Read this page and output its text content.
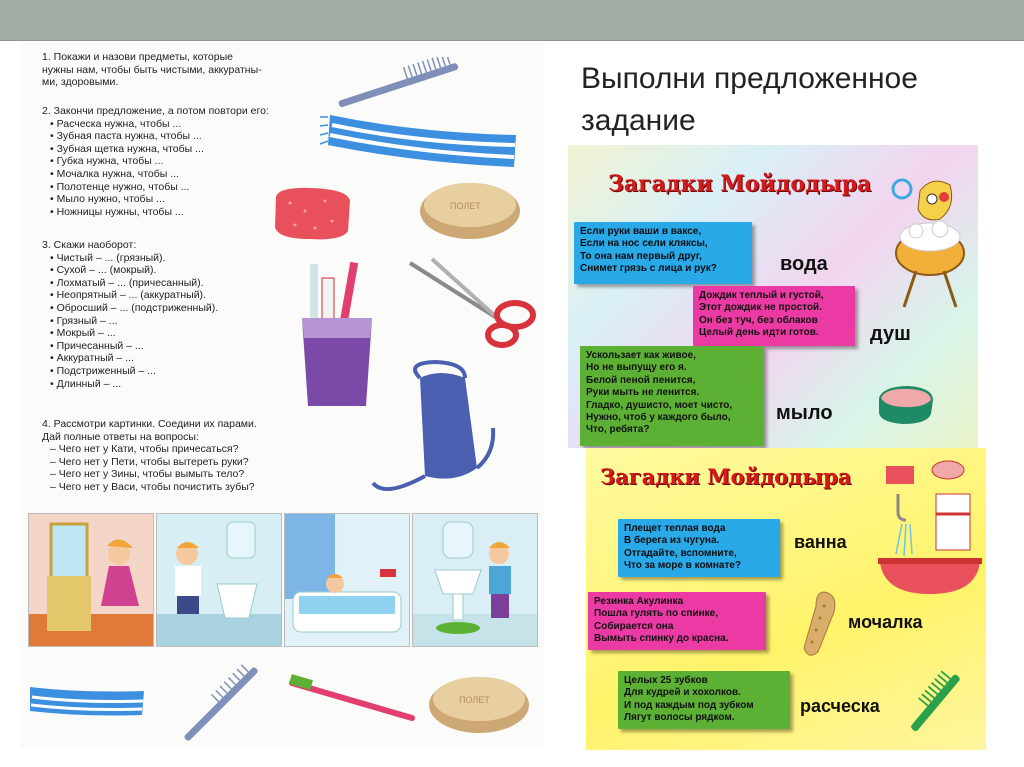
1. Покажи и назови предметы, которые
нужны нам, чтобы быть чистыми, аккуратны-
ми, здоровыми.
2. Закончи предложение, а потом повтори его:
• Расческа нужна, чтобы ...
• Зубная паста нужна, чтобы ...
• Зубная щетка нужна, чтобы ...
• Губка нужна, чтобы ...
• Мочалка нужна, чтобы ...
• Полотенце нужно, чтобы ...
• Мыло нужно, чтобы ...
• Ножницы нужны, чтобы ...
3. Скажи наоборот:
• Чистый – ... (грязный).
• Сухой – ... (мокрый).
• Лохматый – ... (причесанный).
• Неопрятный – ... (аккуратный).
• Обросший – ... (подстриженный).
• Грязный – ...
• Мокрый – ...
• Причесанный – ...
• Аккуратный – ...
• Подстриженный – ...
• Длинный – ...
4. Рассмотри картинки. Соедини их парами.
Дай полные ответы на вопросы:
– Чего нет у Кати, чтобы причесаться?
– Чего нет у Пети, чтобы вытереть руки?
– Чего нет у Зины, чтобы вымыть тело?
– Чего нет у Васи, чтобы почистить зубы?
ПОЛЕТ
ПОЛЕТ
Выполни предложенное
задание
Загадки Мойдодыра
Если руки ваши в ваксе,
Если на нос сели кляксы,
То она нам первый друг,
Снимет грязь с лица и рук?	вода
Дождик теплый и густой,
Этот дождик не простой.
Он без туч, без облаков
Целый день идти готов.	душ
Ускользает как живое,
Но не выпущу его я.
Белой пеной пенится,
Руки мыть не ленится.
Гладко, душисто, моет чисто,
Нужно, чтоб у каждого было,
Что, ребята?
мыло
Загадки Мойдодыра
Плещет теплая вода
В берега из чугуна.
Отгадайте, вспомните,
Что за море в комнате?
ванна
Резинка Акулинка
Пошла гулять по спинке,
Собирается она
Вымыть спинку до красна.
мочалка
Целых 25 зубков
Для кудрей и хохолков.
И под каждым под зубком
Лягут волосы рядком.
расческа
